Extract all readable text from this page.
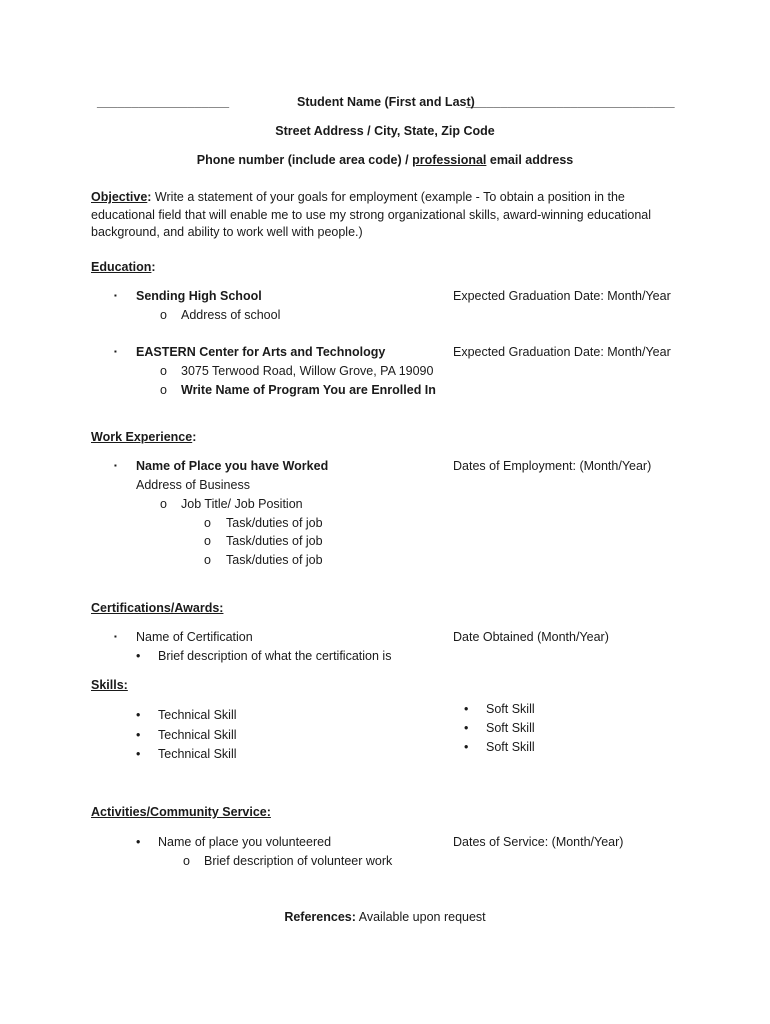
___________________	Student Name (First and Last)
______________________________
Street Address / City, State, Zip Code
Phone number (include area code) / professional email address
Objective: Write a statement of your goals for employment (example - To obtain a position in the educational field that will enable me to use my strong organizational skills, award-winning educational background, and ability to work well with people.)
Education:
▪ Sending High School	Expected Graduation Date: Month/Year
o Address of school
▪ EASTERN Center for Arts and Technology	Expected Graduation Date: Month/Year
o 3075 Terwood Road, Willow Grove, PA 19090
o Write Name of Program You are Enrolled In
Work Experience:
▪ Name of Place you have Worked	Dates of Employment: (Month/Year)
Address of Business
o Job Title/ Job Position
o Task/duties of job
o Task/duties of job
o Task/duties of job
Certifications/Awards:
▪ Name of Certification	Date Obtained (Month/Year)
• Brief description of what the certification is
Skills:
• Technical Skill
• Technical Skill
• Technical Skill
• Soft Skill
• Soft Skill
• Soft Skill
Activities/Community Service:
• Name of place you volunteered	Dates of Service: (Month/Year)
o Brief description of volunteer work
References: Available upon request
